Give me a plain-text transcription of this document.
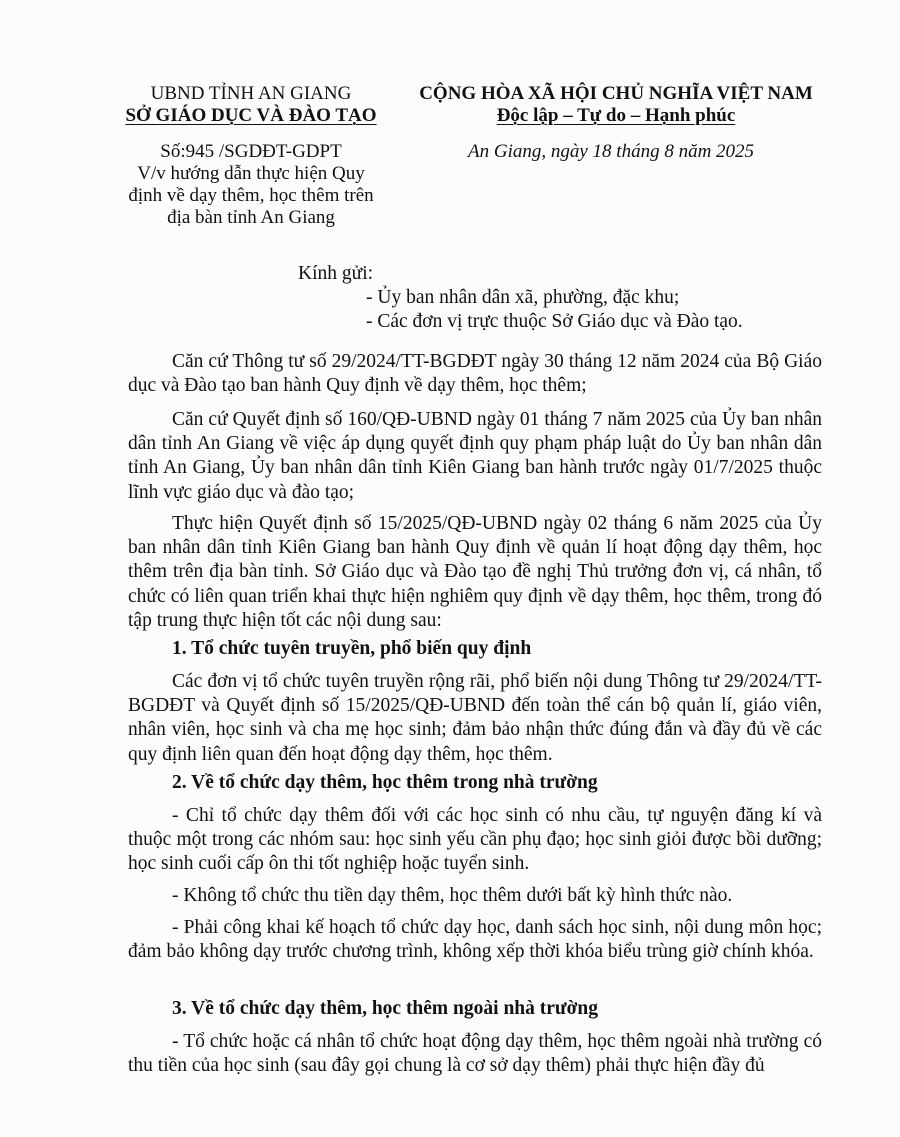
UBND TỈNH AN GIANG
SỞ GIÁO DỤC VÀ ĐÀO TẠO
Số:945 /SGDĐT-GDPT
V/v hướng dẫn thực hiện Quy
định về dạy thêm, học thêm trên
địa bàn tỉnh An Giang
CỘNG HÒA XÃ HỘI CHỦ NGHĨA VIỆT NAM
Độc lập – Tự do – Hạnh phúc
An Giang, ngày 18 tháng 8 năm 2025
Kính gửi:
- Ủy ban nhân dân xã, phường, đặc khu;
- Các đơn vị trực thuộc Sở Giáo dục và Đào tạo.

Căn cứ Thông tư số 29/2024/TT-BGDĐT ngày 30 tháng 12 năm 2024 của Bộ Giáo dục và Đào tạo ban hành Quy định về dạy thêm, học thêm;

Căn cứ Quyết định số 160/QĐ-UBND ngày 01 tháng 7 năm 2025 của Ủy ban nhân dân tỉnh An Giang về việc áp dụng quyết định quy phạm pháp luật do Ủy ban nhân dân tỉnh An Giang, Ủy ban nhân dân tỉnh Kiên Giang ban hành trước ngày 01/7/2025 thuộc lĩnh vực giáo dục và đào tạo;

Thực hiện Quyết định số 15/2025/QĐ-UBND ngày 02 tháng 6 năm 2025 của Ủy ban nhân dân tỉnh Kiên Giang ban hành Quy định về quản lí hoạt động dạy thêm, học thêm trên địa bàn tỉnh. Sở Giáo dục và Đào tạo đề nghị Thủ trưởng đơn vị, cá nhân, tổ chức có liên quan triển khai thực hiện nghiêm quy định về dạy thêm, học thêm, trong đó tập trung thực hiện tốt các nội dung sau:

1. Tổ chức tuyên truyền, phổ biến quy định

Các đơn vị tổ chức tuyên truyền rộng rãi, phổ biến nội dung Thông tư 29/2024/TT-BGDĐT và Quyết định số 15/2025/QĐ-UBND đến toàn thể cán bộ quản lí, giáo viên, nhân viên, học sinh và cha mẹ học sinh; đảm bảo nhận thức đúng đắn và đầy đủ về các quy định liên quan đến hoạt động dạy thêm, học thêm.

2. Về tổ chức dạy thêm, học thêm trong nhà trường

- Chỉ tổ chức dạy thêm đối với các học sinh có nhu cầu, tự nguyện đăng kí và thuộc một trong các nhóm sau: học sinh yếu cần phụ đạo; học sinh giỏi được bồi dưỡng; học sinh cuối cấp ôn thi tốt nghiệp hoặc tuyển sinh.

- Không tổ chức thu tiền dạy thêm, học thêm dưới bất kỳ hình thức nào.

- Phải công khai kế hoạch tổ chức dạy học, danh sách học sinh, nội dung môn học; đảm bảo không dạy trước chương trình, không xếp thời khóa biểu trùng giờ chính khóa.

3. Về tổ chức dạy thêm, học thêm ngoài nhà trường

- Tổ chức hoặc cá nhân tổ chức hoạt động dạy thêm, học thêm ngoài nhà trường có thu tiền của học sinh (sau đây gọi chung là cơ sở dạy thêm) phải thực hiện đầy đủ
